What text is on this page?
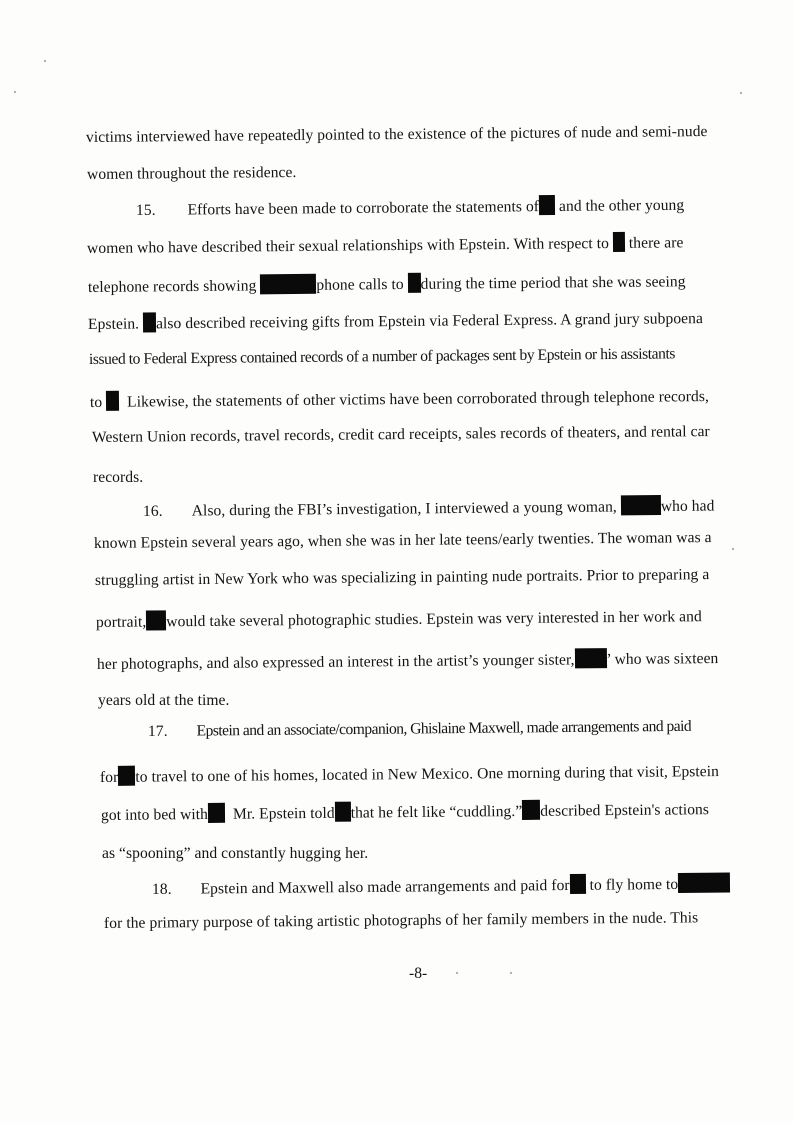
victims interviewed have repeatedly pointed to the existence of the pictures of nude and semi-nude
women throughout the residence.
15. Efforts have been made to corroborate the statements of and the other young
women who have described their sexual relationships with Epstein. With respect to there are
telephone records showing	phone calls to during the time period that she was seeing
Epstein. also described receiving gifts from Epstein via Federal Express. A grand jury subpoena
issued to Federal Express contained records of a number of packages sent by Epstein or his assistants
to Likewise, the statements of other victims have been corroborated through telephone records,
Western Union records, travel records, credit card receipts, sales records of theaters, and rental car
records.
16. Also, during the FBI’s investigation, I interviewed a young woman,	who had
known Epstein several years ago, when she was in her late teens/early twenties. The woman was a
struggling artist in New York who was specializing in painting nude portraits. Prior to preparing a
portrait, would take several photographic studies. Epstein was very interested in her work and
her photographs, and also expressed an interest in the artist’s younger sister, ’ who was sixteen
years old at the time.
17. Epstein and an associate/companion, Ghislaine Maxwell, made arrangements and paid
for to travel to one of his homes, located in New Mexico. One morning during that visit, Epstein
got into bed with Mr. Epstein told that he felt like “cuddling.” described Epstein's actions
as “spooning” and constantly hugging her.
18. Epstein and Maxwell also made arrangements and paid for to fly home to
for the primary purpose of taking artistic photographs of her family members in the nude. This
-8-
